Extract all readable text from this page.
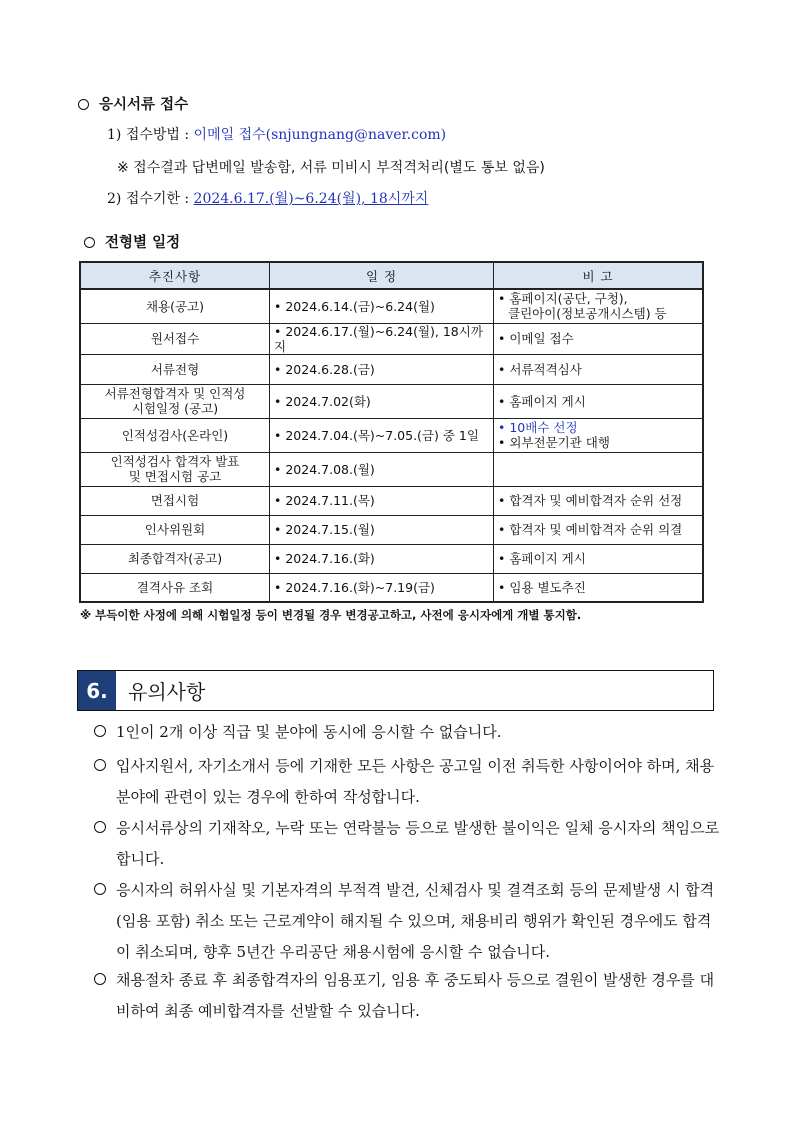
응시서류 접수
1) 접수방법 : 이메일 접수(snjungnang@naver.com)
※ 접수결과 답변메일 발송함, 서류 미비시 부적격처리(별도 통보 없음)
2) 접수기한 : 2024.6.17.(월)~6.24(월), 18시까지
전형별 일정
추진사항	일 정	비 고
채용(공고)	• 2024.6.14.(금)~6.24(월)	• 홈페이지(공단, 구청),
클린아이(정보공개시스템) 등

원서접수	• 2024.6.17.(월)~6.24(월), 18시까지	• 이메일 접수
서류전형	• 2024.6.28.(금)	• 서류적격심사

서류전형합격자 및 인적성
시험일정 (공고)	• 2024.7.02(화)	• 홈페이지 게시
인적성검사(온라인)	• 2024.7.04.(목)~7.05.(금) 중 1일	• 10배수 선정
• 외부전문기관 대행

인적성검사 합격자 발표
및 면접시험 공고	• 2024.7.08.(월)	
면접시험	• 2024.7.11.(목)	• 합격자 및 예비합격자 순위 선정
인사위원회	• 2024.7.15.(월)	• 합격자 및 예비합격자 순위 의결
최종합격자(공고)	• 2024.7.16.(화)	• 홈페이지 게시
결격사유 조회	• 2024.7.16.(화)~7.19(금)	• 임용 별도추진
※ 부득이한 사정에 의해 시험일정 등이 변경될 경우 변경공고하고, 사전에 응시자에게 개별 통지함.
6.	유의사항
1인이 2개 이상 직급 및 분야에 동시에 응시할 수 없습니다.
입사지원서, 자기소개서 등에 기재한 모든 사항은 공고일 이전 취득한 사항이어야 하며, 채용분야에 관련이 있는 경우에 한하여 작성합니다.
응시서류상의 기재착오, 누락 또는 연락불능 등으로 발생한 불이익은 일체 응시자의 책임으로 합니다.
응시자의 허위사실 및 기본자격의 부적격 발견, 신체검사 및 결격조회 등의 문제발생 시 합격(임용 포함) 취소 또는 근로계약이 해지될 수 있으며, 채용비리 행위가 확인된 경우에도 합격이 취소되며, 향후 5년간 우리공단 채용시험에 응시할 수 없습니다.
채용절차 종료 후 최종합격자의 임용포기, 임용 후 중도퇴사 등으로 결원이 발생한 경우를 대비하여 최종 예비합격자를 선발할 수 있습니다.
